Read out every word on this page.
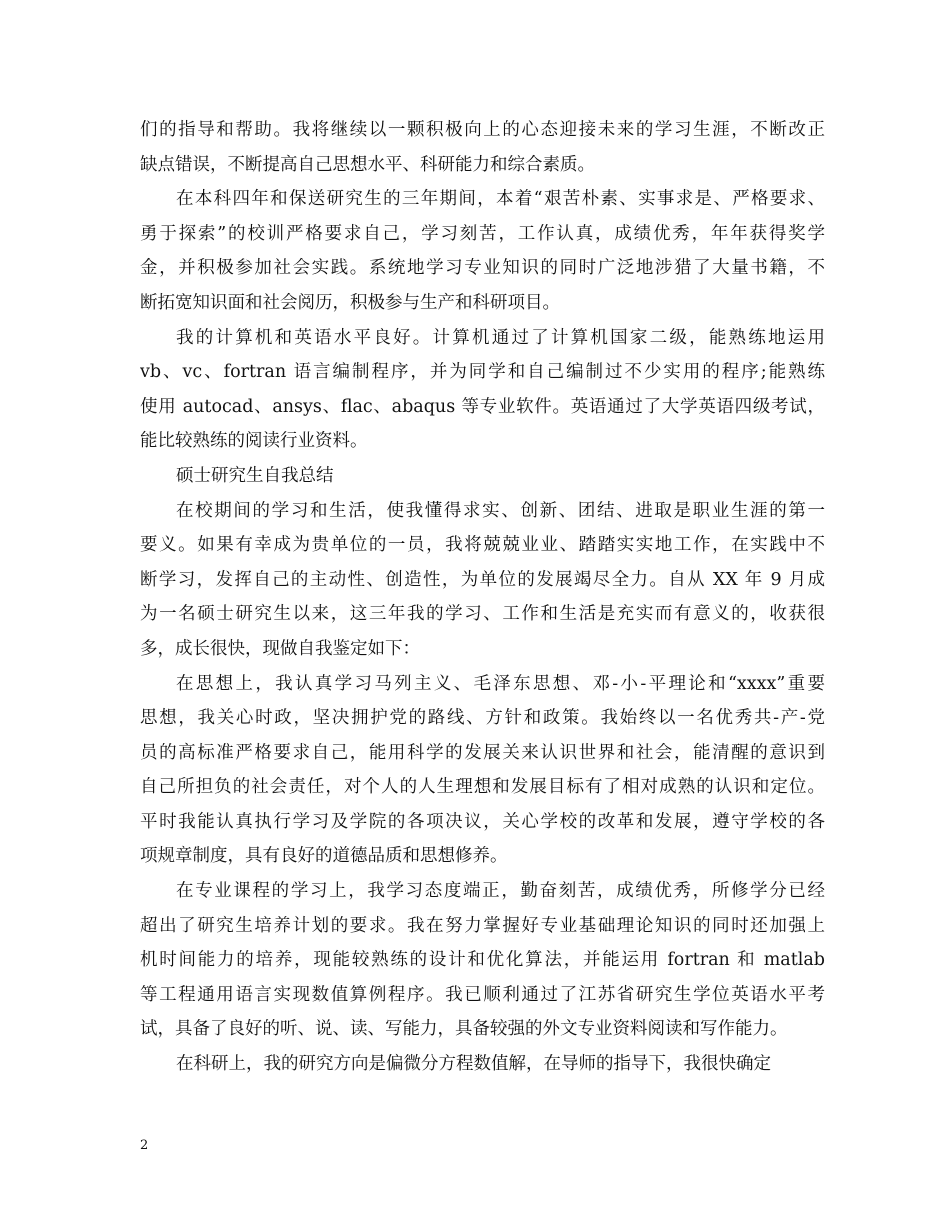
们的指导和帮助。我将继续以一颗积极向上的心态迎接未来的学习生涯，不断改正
缺点错误，不断提高自己思想水平、科研能力和综合素质。
在本科四年和保送研究生的三年期间，本着“艰苦朴素、实事求是、严格要求、
勇于探索”的校训严格要求自己，学习刻苦，工作认真，成绩优秀，年年获得奖学
金，并积极参加社会实践。系统地学习专业知识的同时广泛地涉猎了大量书籍，不
断拓宽知识面和社会阅历，积极参与生产和科研项目。
我的计算机和英语水平良好。计算机通过了计算机国家二级，能熟练地运用
vb、vc、fortran 语言编制程序，并为同学和自己编制过不少实用的程序;能熟练
使用 autocad、ansys、flac、abaqus 等专业软件。英语通过了大学英语四级考试，
能比较熟练的阅读行业资料。
硕士研究生自我总结
在校期间的学习和生活，使我懂得求实、创新、团结、进取是职业生涯的第一
要义。如果有幸成为贵单位的一员，我将兢兢业业、踏踏实实地工作，在实践中不
断学习，发挥自己的主动性、创造性，为单位的发展竭尽全力。自从 XX 年 9 月成
为一名硕士研究生以来，这三年我的学习、工作和生活是充实而有意义的，收获很
多，成长很快，现做自我鉴定如下：
在思想上，我认真学习马列主义、毛泽东思想、邓-小-平理论和“xxxx”重要
思想，我关心时政，坚决拥护党的路线、方针和政策。我始终以一名优秀共-产-党
员的高标准严格要求自己，能用科学的发展关来认识世界和社会，能清醒的意识到
自己所担负的社会责任，对个人的人生理想和发展目标有了相对成熟的认识和定位。
平时我能认真执行学习及学院的各项决议，关心学校的改革和发展，遵守学校的各
项规章制度，具有良好的道德品质和思想修养。
在专业课程的学习上，我学习态度端正，勤奋刻苦，成绩优秀，所修学分已经
超出了研究生培养计划的要求。我在努力掌握好专业基础理论知识的同时还加强上
机时间能力的培养，现能较熟练的设计和优化算法，并能运用 fortran 和 matlab
等工程通用语言实现数值算例程序。我已顺利通过了江苏省研究生学位英语水平考
试，具备了良好的听、说、读、写能力，具备较强的外文专业资料阅读和写作能力。
在科研上，我的研究方向是偏微分方程数值解，在导师的指导下，我很快确定
2
